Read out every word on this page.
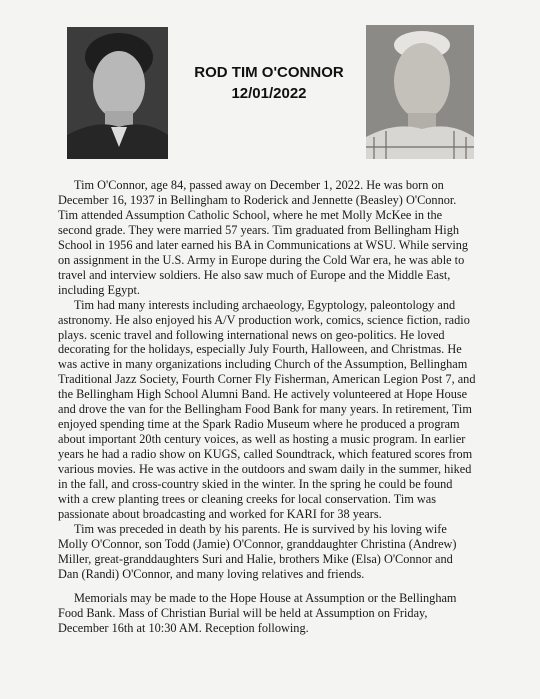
ROD TIM O'CONNOR
12/01/2022

Tim O'Connor, age 84, passed away on December 1, 2022. He was born on December 16, 1937 in Bellingham to Roderick and Jennette (Beasley) O'Connor. Tim attended Assumption Catholic School, where he met Molly McKee in the second grade. They were married 57 years. Tim graduated from Bellingham High School in 1956 and later earned his BA in Communications at WSU. While serving on assignment in the U.S. Army in Europe during the Cold War era, he was able to travel and interview soldiers. He also saw much of Europe and the Middle East, including Egypt.

Tim had many interests including archaeology, Egyptology, paleontology and astronomy. He also enjoyed his A/V production work, comics, science fiction, radio plays. scenic travel and following international news on geo-politics. He loved decorating for the holidays, especially July Fourth, Halloween, and Christmas. He was active in many organizations including Church of the Assumption, Bellingham Traditional Jazz Society, Fourth Corner Fly Fisherman, American Legion Post 7, and the Bellingham High School Alumni Band. He actively volunteered at Hope House and drove the van for the Bellingham Food Bank for many years. In retirement, Tim enjoyed spending time at the Spark Radio Museum where he produced a program about important 20th century voices, as well as hosting a music program. In earlier years he had a radio show on KUGS, called Soundtrack, which featured scores from various movies. He was active in the outdoors and swam daily in the summer, hiked in the fall, and cross-country skied in the winter. In the spring he could be found with a crew planting trees or cleaning creeks for local conservation. Tim was passionate about broadcasting and worked for KARI for 38 years.

Tim was preceded in death by his parents. He is survived by his loving wife Molly O'Connor, son Todd (Jamie) O'Connor, granddaughter Christina (Andrew) Miller, great-granddaughters Suri and Halie, brothers Mike (Elsa) O'Connor and Dan (Randi) O'Connor, and many loving relatives and friends.

Memorials may be made to the Hope House at Assumption or the Bellingham Food Bank. Mass of Christian Burial will be held at Assumption on Friday, December 16th at 10:30 AM. Reception following.
